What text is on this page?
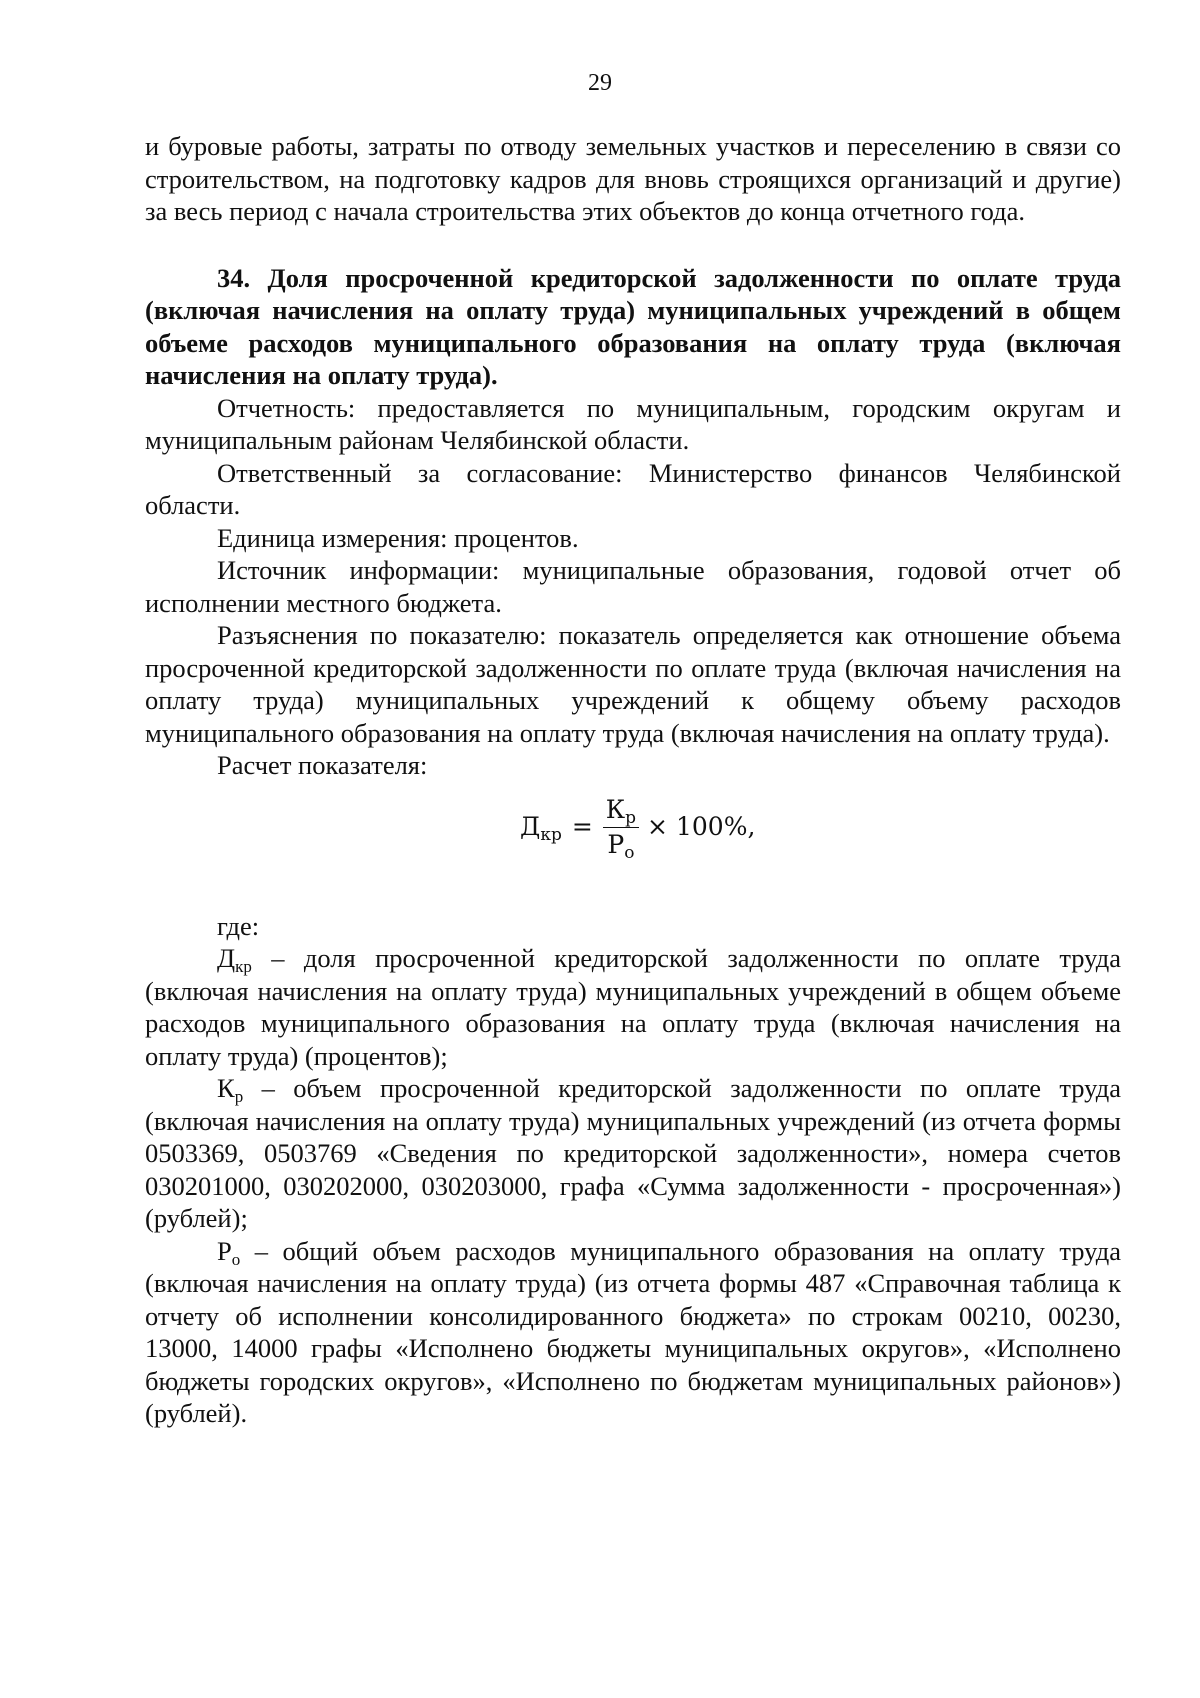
29

и буровые работы, затраты по отводу земельных участков и переселению в связи со строительством, на подготовку кадров для вновь строящихся организаций и другие) за весь период с начала строительства этих объектов до конца отчетного года.

34. Доля просроченной кредиторской задолженности по оплате труда (включая начисления на оплату труда) муниципальных учреждений в общем объеме расходов муниципального образования на оплату труда (включая начисления на оплату труда).

Отчетность: предоставляется по муниципальным, городским округам и муниципальным районам Челябинской области.

Ответственный за согласование: Министерство финансов Челябинской области.

Единица измерения: процентов.

Источник информации: муниципальные образования, годовой отчет об исполнении местного бюджета.

Разъяснения по показателю: показатель определяется как отношение объема просроченной кредиторской задолженности по оплате труда (включая начисления на оплату труда) муниципальных учреждений к общему объему расходов муниципального образования на оплату труда (включая начисления на оплату труда).

Расчет показателя:

$Д_{кр} = \frac{К_р}{Р_о} \times 100\%$,

где:

$Д_{кр}$ – доля просроченной кредиторской задолженности по оплате труда (включая начисления на оплату труда) муниципальных учреждений в общем объеме расходов муниципального образования на оплату труда (включая начисления на оплату труда) (процентов);

$К_р$ – объем просроченной кредиторской задолженности по оплате труда (включая начисления на оплату труда) муниципальных учреждений (из отчета формы 0503369, 0503769 «Сведения по кредиторской задолженности», номера счетов 030201000, 030202000, 030203000, графа «Сумма задолженности - просроченная») (рублей);

$Р_о$ – общий объем расходов муниципального образования на оплату труда (включая начисления на оплату труда) (из отчета формы 487 «Справочная таблица к отчету об исполнении консолидированного бюджета» по строкам 00210, 00230, 13000, 14000 графы «Исполнено бюджеты муниципальных округов», «Исполнено бюджеты городских округов», «Исполнено по бюджетам муниципальных районов») (рублей).
